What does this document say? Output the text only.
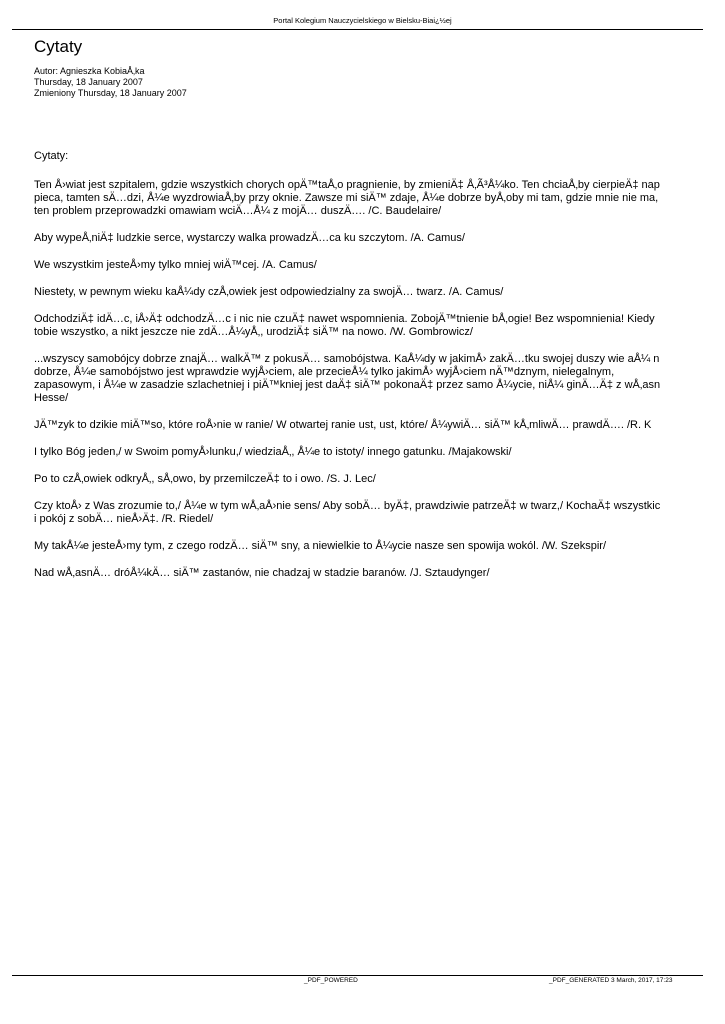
Portal Kolegium Nauczycielskiego w Bielsku-Biai¿½ej
Cytaty
Autor: Agnieszka KobiaÅ‚ka
Thursday, 18 January 2007
Zmieniony Thursday, 18 January 2007

Cytaty:

Ten Å›wiat jest szpitalem, gdzie wszystkich chorych opÄ™taÅ‚o pragnienie, by zmieniÄ‡ Å‚Ã³Å¼ko. Ten chciaÅ‚by cierpieÄ‡ nap
pieca, tamten sÄ…dzi, Å¼e wyzdrowiaÅ‚by przy oknie. Zawsze mi siÄ™ zdaje, Å¼e dobrze byÅ‚oby mi tam, gdzie mnie nie ma,
ten problem przeprowadzki omawiam wciÄ…Å¼ z mojÄ… duszÄ…. /C. Baudelaire/

Aby wypeÅ‚niÄ‡ ludzkie serce, wystarczy walka prowadzÄ…ca ku szczytom. /A. Camus/

We wszystkim jesteÅ›my tylko mniej wiÄ™cej. /A. Camus/

Niestety, w pewnym wieku kaÅ¼dy czÅ‚owiek jest odpowiedzialny za swojÄ… twarz. /A. Camus/

OdchodziÄ‡ idÄ…c, iÅ›Ä‡ odchodzÄ…c i nic nie czuÄ‡ nawet wspomnienia. ZobojÄ™tnienie bÅ‚ogie! Bez wspomnienia! Kiedy
tobie wszystko, a nikt jeszcze nie zdÄ…Å¼yÅ‚, urodziÄ‡ siÄ™ na nowo. /W. Gombrowicz/

...wszyscy samobójcy dobrze znajÄ… walkÄ™ z pokusÄ… samobójstwa. KaÅ¼dy w jakimÅ› zakÄ…tku swojej duszy wie aÅ¼ n
dobrze, Å¼e samobójstwo jest wprawdzie wyjÅ›ciem, ale przecieÅ¼ tylko jakimÅ› wyjÅ›ciem nÄ™dznym, nielegalnym,
zapasowym, i Å¼e w zasadzie szlachetniej i piÄ™kniej jest daÄ‡ siÄ™ pokonaÄ‡ przez samo Å¼ycie, niÅ¼ ginÄ…Ä‡ z wÅ‚asn
Hesse/

JÄ™zyk to dzikie miÄ™so, które roÅ›nie w ranie/ W otwartej ranie ust, ust, które/ Å¼ywiÄ… siÄ™ kÅ‚mliwÄ… prawdÄ…. /R. K

I tylko Bóg jeden,/ w Swoim pomyÅ›lunku,/ wiedziaÅ‚, Å¼e to istoty/ innego gatunku. /Majakowski/

Po to czÅ‚owiek odkryÅ‚, sÅ‚owo, by przemilczeÄ‡ to i owo. /S. J. Lec/

Czy ktoÅ› z Was zrozumie to,/ Å¼e w tym wÅ‚aÅ›nie sens/ Aby sobÄ… byÄ‡, prawdziwie patrzeÄ‡ w twarz,/ KochaÄ‡ wszystkic
i pokój z sobÄ… nieÅ›Ä‡. /R. Riedel/

My takÅ¼e jesteÅ›my tym, z czego rodzÄ… siÄ™ sny, a niewielkie to Å¼ycie nasze sen spowija wokól. /W. Szekspir/

Nad wÅ‚asnÄ… dróÅ¼kÄ… siÄ™ zastanów, nie chadzaj w stadzie baranów. /J. Sztaudynger/

_PDF_POWERED	_PDF_GENERATED 3 March, 2017, 17:23
